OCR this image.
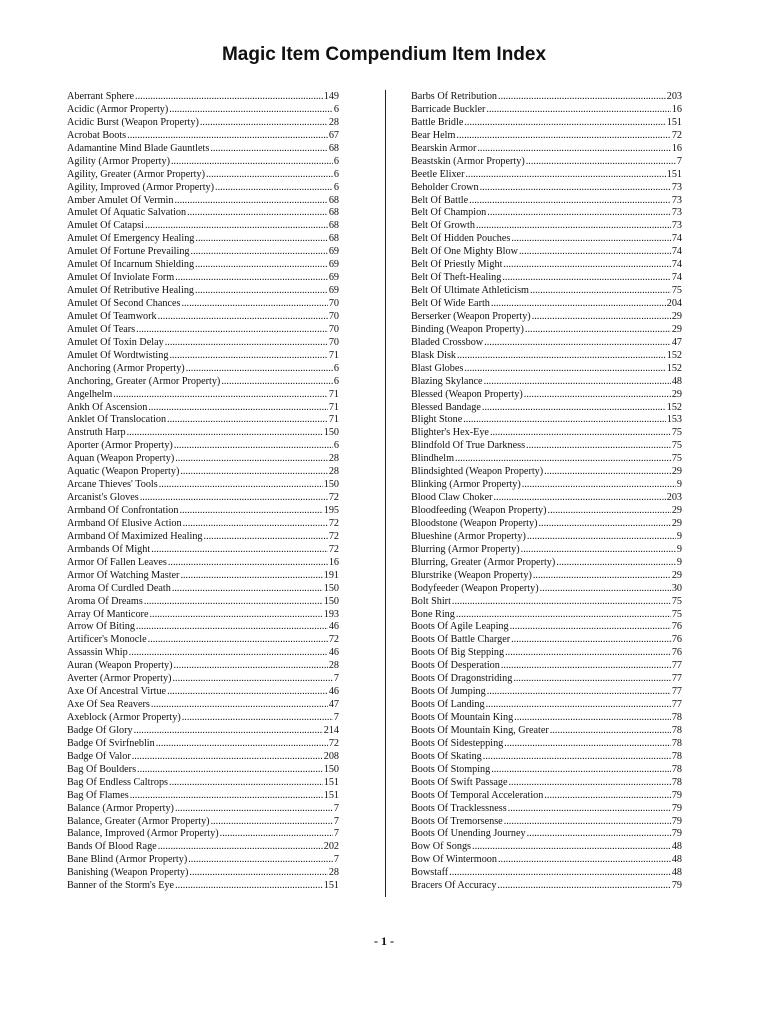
Magic Item Compendium Item Index
Aberrant Sphere .....	149
Acidic (Armor Property) .....	6
Acidic Burst (Weapon Property) .....	28
Acrobat Boots .....	67
Adamantine Mind Blade Gauntlets .....	68
Agility (Armor Property) .....	6
Agility, Greater (Armor Property) .....	6
Agility, Improved (Armor Property) .....	6
Amber Amulet Of Vermin .....	68
Amulet Of Aquatic Salvation .....	68
Amulet Of Catapsi .....	68
Amulet Of Emergency Healing .....	68
Amulet Of Fortune Prevailing .....	69
Amulet Of Incarnum Shielding .....	69
Amulet Of Inviolate Form .....	69
Amulet Of Retributive Healing .....	69
Amulet Of Second Chances .....	70
Amulet Of Teamwork .....	70
Amulet Of Tears .....	70
Amulet Of Toxin Delay .....	70
Amulet Of Wordtwisting .....	71
Anchoring (Armor Property) .....	6
Anchoring, Greater (Armor Property) .....	6
Angelhelm .....	71
Ankh Of Ascension .....	71
Anklet Of Translocation .....	71
Anstruth Harp .....	150
Aporter (Armor Property) .....	6
Aquan (Weapon Property) .....	28
Aquatic (Weapon Property) .....	28
Arcane Thieves' Tools .....	150
Arcanist's Gloves .....	72
Armband Of Confrontation .....	195
Armband Of Elusive Action .....	72
Armband Of Maximized Healing .....	72
Armbands Of Might .....	72
Armor Of Fallen Leaves .....	16
Armor Of Watching Master .....	191
Aroma Of Curdled Death .....	150
Aroma Of Dreams .....	150
Array Of Manticore .....	193
Arrow Of Biting .....	46
Artificer's Monocle .....	72
Assassin Whip .....	46
Auran (Weapon Property) .....	28
Averter (Armor Property) .....	7
Axe Of Ancestral Virtue .....	46
Axe Of Sea Reavers .....	47
Axeblock (Armor Property) .....	7
Badge Of Glory .....	214
Badge Of Svirfneblin .....	72
Badge Of Valor .....	208
Bag Of Boulders .....	150
Bag Of Endless Caltrops .....	151
Bag Of Flames .....	151
Balance (Armor Property) .....	7
Balance, Greater (Armor Property) .....	7
Balance, Improved (Armor Property) .....	7
Bands Of Blood Rage .....	202
Bane Blind (Armor Property) .....	7
Banishing (Weapon Property) .....	28
Banner of the Storm's Eye .....	151
Barbs Of Retribution .....	203
Barricade Buckler .....	16
Battle Bridle .....	151
Bear Helm .....	72
Bearskin Armor .....	16
Beastskin (Armor Property) .....	7
Beetle Elixer .....	151
Beholder Crown .....	73
Belt Of Battle .....	73
Belt Of Champion .....	73
Belt Of Growth .....	73
Belt Of Hidden Pouches .....	74
Belt Of One Mighty Blow .....	74
Belt Of Priestly Might .....	74
Belt Of Theft-Healing .....	74
Belt Of Ultimate Athleticism .....	75
Belt Of Wide Earth .....	204
Berserker (Weapon Property) .....	29
Binding (Weapon Property) .....	29
Bladed Crossbow .....	47
Blask Disk .....	152
Blast Globes .....	152
Blazing Skylance .....	48
Blessed (Weapon Property) .....	29
Blessed Bandage .....	152
Blight Stone .....	153
Blighter's Hex-Eye .....	75
Blindfold Of True Darkness .....	75
Blindhelm .....	75
Blindsighted (Weapon Property) .....	29
Blinking (Armor Property) .....	9
Blood Claw Choker .....	203
Bloodfeeding (Weapon Property) .....	29
Bloodstone (Weapon Property) .....	29
Blueshine (Armor Property) .....	9
Blurring (Armor Property) .....	9
Blurring, Greater (Armor Property) .....	9
Blurstrike (Weapon Property) .....	29
Bodyfeeder (Weapon Property) .....	30
Bolt Shirt .....	75
Bone Ring .....	75
Boots Of Agile Leaping .....	76
Boots Of Battle Charger .....	76
Boots Of Big Stepping .....	76
Boots Of Desperation .....	77
Boots Of Dragonstriding .....	77
Boots Of Jumping .....	77
Boots Of Landing .....	77
Boots Of Mountain King .....	78
Boots Of Mountain King, Greater .....	78
Boots Of Sidestepping .....	78
Boots Of Skating .....	78
Boots Of Stomping .....	78
Boots Of Swift Passage .....	78
Boots Of Temporal Acceleration .....	79
Boots Of Tracklessness .....	79
Boots Of Tremorsense .....	79
Boots Of Unending Journey .....	79
Bow Of Songs .....	48
Bow Of Wintermoon .....	48
Bowstaff .....	48
Bracers Of Accuracy .....	79
- 1 -
